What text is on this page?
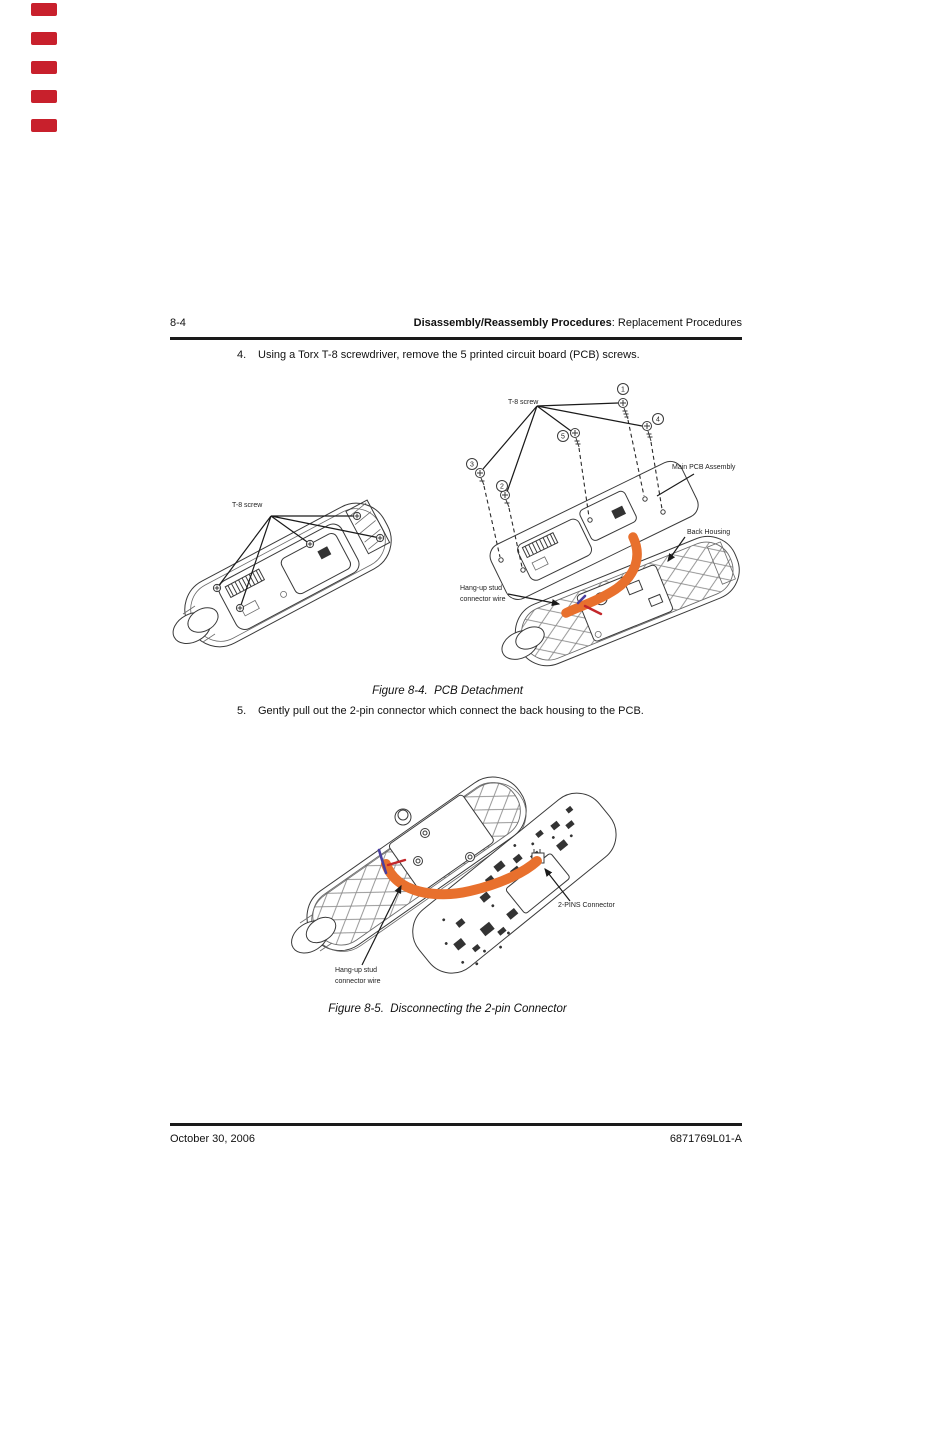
8-4	Disassembly/Reassembly Procedures: Replacement Procedures
4. Using a Torx T-8 screwdriver, remove the 5 printed circuit board (PCB) screws.
1
4
5
3
2
T-8 screw
T-8 screw
Main PCB Assembly
Back Housing
Hang-up stud
connector wire
Figure 8-4.  PCB Detachment
5. Gently pull out the 2-pin connector which connect the back housing to the PCB.
2-PINS Connector
Hang-up stud
connector wire
Figure 8-5.  Disconnecting the 2-pin Connector
October 30, 2006	6871769L01-A
